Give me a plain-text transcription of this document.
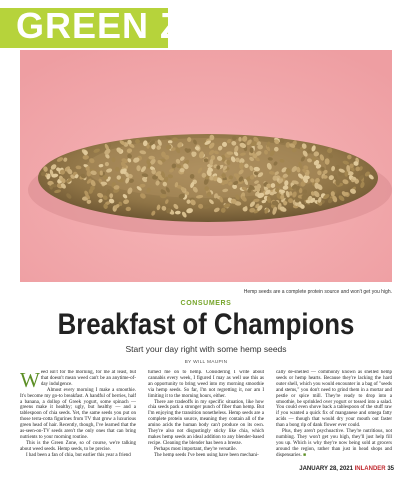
GREEN ZONE
Hemp seeds are a complete protein source and won't get you high.
CONSUMERS
Breakfast of Champions
Start your day right with some hemp seeds
BY WILL MAUPIN

Weed isn't for the morning, for me at least, but that doesn't mean weed can't be an anytime-of-day indulgence.

Almost every morning I make a smoothie. It's become my go-to breakfast. A handful of berries, half a banana, a dollop of Greek yogurt, some spinach — greens make it healthy; ugly, but healthy — and a tablespoon of chia seeds. Yet, the same seeds you put on those terra-cotta figurines from TV that grow a luxurious green head of hair. Recently, though, I've learned that the as-seen-on-TV seeds aren't the only ones that can bring nutrients to your morning routine.

This is the Green Zone, so of course, we're talking about weed seeds. Hemp seeds, to be precise.

I had been a fan of chia, but earlier this year a friend

turned me on to hemp. Considering I write about cannabis every week, I figured I may as well use this as an opportunity to bring weed into my morning smoothie via hemp seeds. So far, I'm not regretting it, nor am I limiting it to the morning hours, either.

There are tradeoffs in my specific situation, like how chia seeds pack a stronger punch of fiber than hemp. But I'm enjoying the transition nonetheless. Hemp seeds are a complete protein source, meaning they contain all of the amino acids the human body can't produce on its own. They're also not disgustingly sticky like chia, which makes hemp seeds an ideal addition to any blender-based recipe. Cleaning the blender has been a breeze.

Perhaps most important, they're versatile.

The hemp seeds I've been using have been mechani-

cally de-shelled — commonly known as shelled hemp seeds or hemp hearts. Because they're lacking the hard outer shell, which you would encounter in a bag of "seeds and stems," you don't need to grind them in a mortar and pestle or spice mill. They're ready to drop into a smoothie, be sprinkled over yogurt or tossed into a salad. You could even shove back a tablespoon of the stuff raw if you wanted a quick fix of manganese and omega fatty acids — though that would dry your mouth out faster than a bong rip of dank flower ever could.

Plus, they aren't psychoactive. They're nutritious, not numbing. They won't get you high, they'll just help fill you up. Which is why they're now being sold at grocers around the region, rather than just in head shops and dispensaries. ■

JANUARY 28, 2021 INLANDER 35
